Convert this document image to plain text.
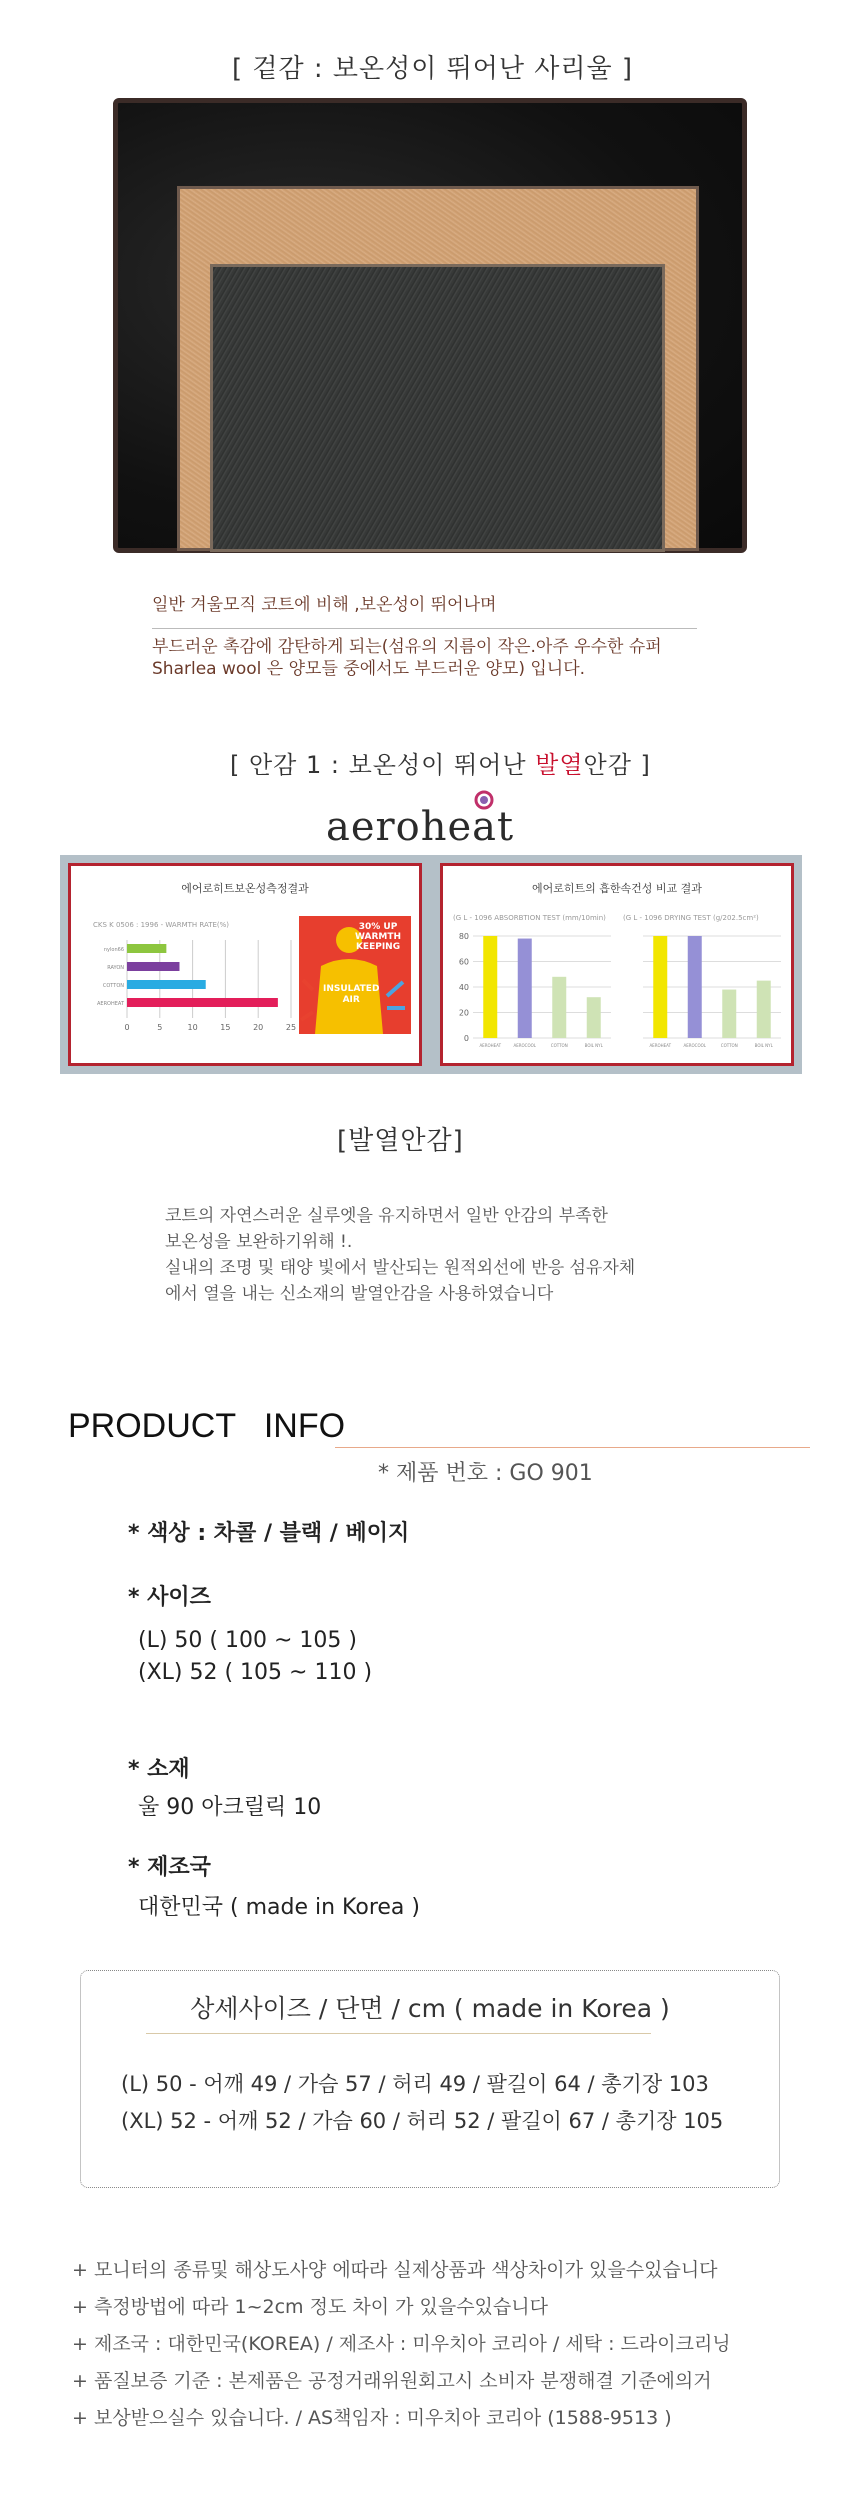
[ 겉감 : 보온성이 뛰어난 사리울 ]
일반 겨울모직 코트에 비해 ,보온성이 뛰어나며
부드러운 촉감에 감탄하게 되는(섬유의 지름이 작은.아주 우수한 슈퍼
Sharlea wool 은 양모들 중에서도 부드러운 양모) 입니다.
[ 안감 1 : 보온성이 뛰어난 발열안감 ]
aeroheat
에어로히트보온성측정결과
CKS K 0506 : 1996 - WARMTH RATE(%)
0	5	10	15	20	25
nylon66
RAYON
COTTON
AEROHEAT
30% UP
WARMTH
KEEPING
INSULATED
AIR
에어로히트의 흡한속건성 비교 결과
(G L - 1096 ABSORBTION TEST (mm/10min) (G L - 1096 DRYING TEST (g/202.5cm²)
0
20
40
60
80
AEROHEAT	AEROCOOL	COTTON	BOIL NYL	AEROHEAT	AEROCOOL	COTTON	BOIL NYL
[발열안감]
코트의 자연스러운 실루엣을 유지하면서 일반 안감의 부족한
보온성을 보완하기위해 !.
실내의 조명 및 태양 빛에서 발산되는 원적외선에 반응 섬유자체
에서 열을 내는 신소재의 발열안감을 사용하였습니다
PRODUCT   INFO
* 제품 번호 : GO 901
* 색상 : 차콜 / 블랙 / 베이지
* 사이즈
(L) 50 ( 100 ~ 105 )
(XL) 52 ( 105 ~ 110 )
* 소재
울 90 아크릴릭 10
* 제조국
대한민국 ( made in Korea )
상세사이즈 / 단면 / cm ( made in Korea )
(L) 50 - 어깨 49 / 가슴 57 / 허리 49 / 팔길이 64 / 총기장 103
(XL) 52 - 어깨 52 / 가슴 60 / 허리 52 / 팔길이 67 / 총기장 105
+ 모니터의 종류및 해상도사양 에따라 실제상품과 색상차이가 있을수있습니다
+ 측정방법에 따라 1~2cm 정도 차이 가 있을수있습니다
+ 제조국 : 대한민국(KOREA) / 제조사 : 미우치아 코리아 / 세탁 : 드라이크리닝
+ 품질보증 기준 : 본제품은 공정거래위원회고시 소비자 분쟁해결 기준에의거
+ 보상받으실수 있습니다. / AS책임자 : 미우치아 코리아 (1588-9513 )
